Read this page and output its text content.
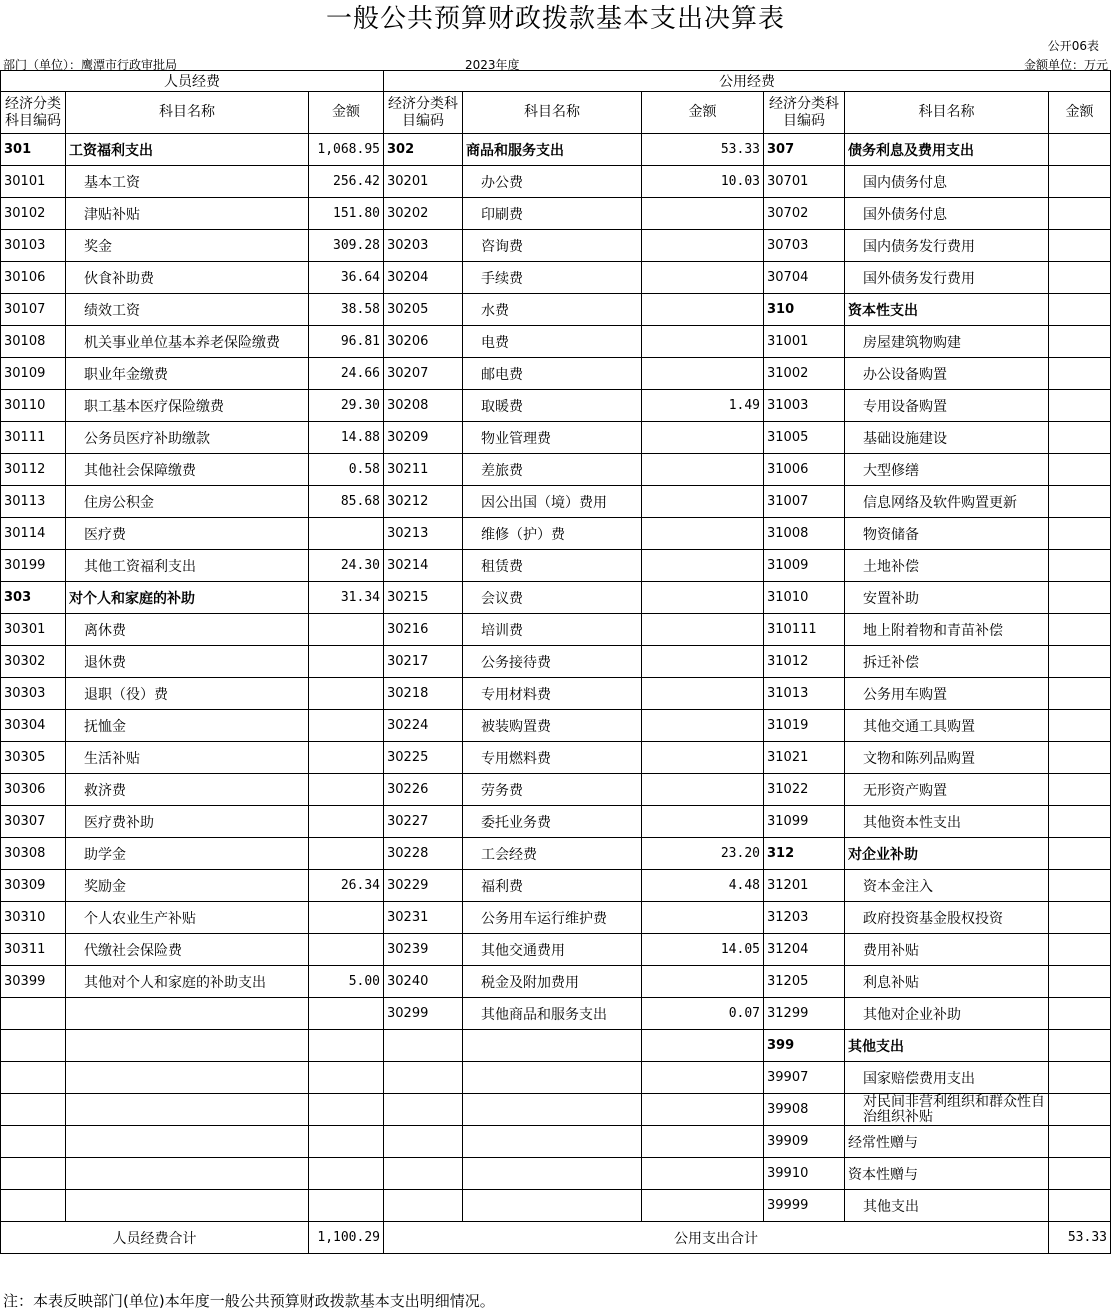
一般公共预算财政拨款基本支出决算表
公开06表
部门（单位）：鹰潭市行政审批局	2023年度	金额单位：万元
人员经费			公用经费					
经济分类科目编码	科目名称	金额	经济分类科目编码	科目名称	金额	经济分类科目编码	科目名称	金额
301	工资福利支出	1,068.95	302	商品和服务支出	53.33	307	债务利息及费用支出	
30101	基本工资	256.42	30201	办公费	10.03	30701	国内债务付息	
30102	津贴补贴	151.80	30202	印刷费		30702	国外债务付息	
30103	奖金	309.28	30203	咨询费		30703	国内债务发行费用	
30106	伙食补助费	36.64	30204	手续费		30704	国外债务发行费用	
30107	绩效工资	38.58	30205	水费		310	资本性支出	
30108	机关事业单位基本养老保险缴费	96.81	30206	电费		31001	房屋建筑物购建	
30109	职业年金缴费	24.66	30207	邮电费		31002	办公设备购置	
30110	职工基本医疗保险缴费	29.30	30208	取暖费	1.49	31003	专用设备购置	
30111	公务员医疗补助缴款	14.88	30209	物业管理费		31005	基础设施建设	
30112	其他社会保障缴费	0.58	30211	差旅费		31006	大型修缮	
30113	住房公积金	85.68	30212	因公出国（境）费用		31007	信息网络及软件购置更新	
30114	医疗费		30213	维修（护）费		31008	物资储备	
30199	其他工资福利支出	24.30	30214	租赁费		31009	土地补偿	
303	对个人和家庭的补助	31.34	30215	会议费		31010	安置补助	
30301	离休费		30216	培训费		310111	地上附着物和青苗补偿	
30302	退休费		30217	公务接待费		31012	拆迁补偿	
30303	退职（役）费		30218	专用材料费		31013	公务用车购置	
30304	抚恤金		30224	被装购置费		31019	其他交通工具购置	
30305	生活补贴		30225	专用燃料费		31021	文物和陈列品购置	
30306	救济费		30226	劳务费		31022	无形资产购置	
30307	医疗费补助		30227	委托业务费		31099	其他资本性支出	
30308	助学金		30228	工会经费	23.20	312	对企业补助	
30309	奖励金	26.34	30229	福利费	4.48	31201	资本金注入	
30310	个人农业生产补贴		30231	公务用车运行维护费		31203	政府投资基金股权投资	
30311	代缴社会保险费		30239	其他交通费用	14.05	31204	费用补贴	
30399	其他对个人和家庭的补助支出	5.00	30240	税金及附加费用		31205	利息补贴	
			30299	其他商品和服务支出	0.07	31299	其他对企业补助	
						399	其他支出	
						39907	国家赔偿费用支出	
						39908	对民间非营利组织和群众性自治组织补贴	
						39909	经常性赠与	
						39910	资本性赠与	
						39999	其他支出	
人员经费合计		1,100.29	公用支出合计					53.33
注：本表反映部门(单位)本年度一般公共预算财政拨款基本支出明细情况。
